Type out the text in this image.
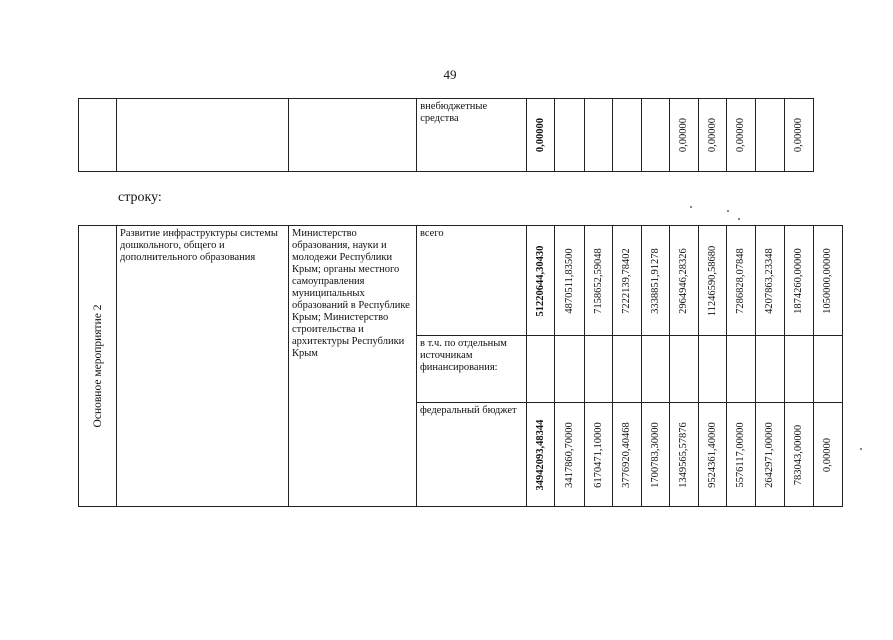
49
			внебюджетные средства	0,00000					0,00000	0,00000	0,00000		0,00000
строку:
Основное мероприятие 2	Развитие инфраструктуры системы дошкольного, общего и дополнительного образования	Министерство образования, науки и молодежи Республики Крым; органы местного самоуправления муниципальных образований в Республике Крым; Министерство строительства и архитектуры Республики Крым	всего	51220644,30430	4870511,83500	7158652,59048	7222139,78402	3338851,91278	2964946,28326	11246590,58680	7286828,07848	4207863,23348	1874260,00000	1050000,00000

			в т.ч. по отдельным источникам финансирования:	

			федеральный бюджет	34942093,48344	3417860,70000	6170471,10000	3776920,40468	1700783,30000	1349565,57876	9524361,40000	5576117,00000	2642971,00000	783043,00000	0,00000
